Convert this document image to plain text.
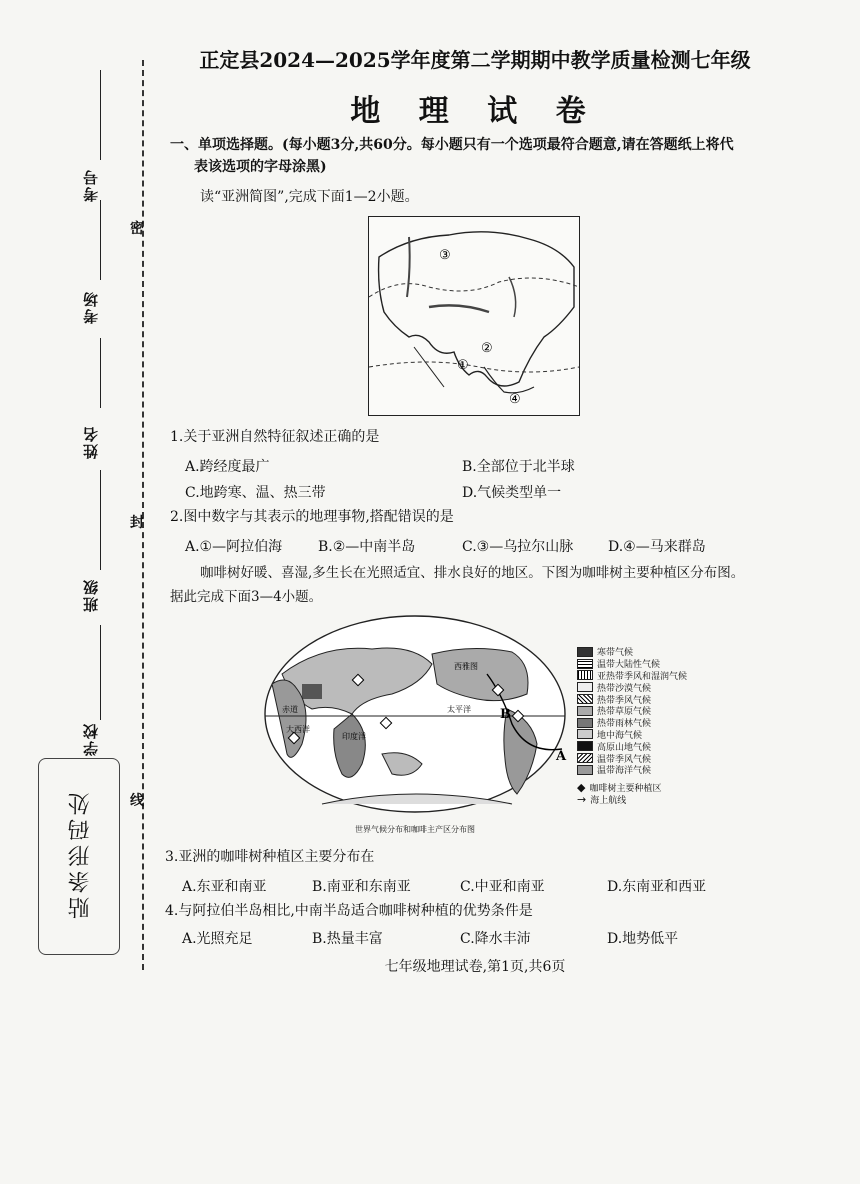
密
封
线
考号
考场
姓名
班级
学校
贴条形码处
正定县2024—2025学年度第二学期期中教学质量检测七年级
地 理 试 卷
一、单项选择题。(每小题3分,共60分。每小题只有一个选项最符合题意,请在答题纸上将代
表该选项的字母涂黑)
读“亚洲简图”,完成下面1—2小题。
③
②
①
④
1.关于亚洲自然特征叙述正确的是
A.跨经度最广	B.全部位于北半球
C.地跨寒、温、热三带	D.气候类型单一
2.图中数字与其表示的地理事物,搭配错误的是
A.①—阿拉伯海	B.②—中南半岛	C.③—乌拉尔山脉 D.④—马来群岛
咖啡树好暖、喜湿,多生长在光照适宜、排水良好的地区。下图为咖啡树主要种植区分布图。
据此完成下面3—4小题。
西雅图
太平洋
赤道
大西洋
印度洋
B
A
世界气候分布和咖啡主产区分布图
寒带气候
温带大陆性气候
亚热带季风和湿润气候
热带沙漠气候
热带季风气候
热带草原气候
热带雨林气候
地中海气候
高原山地气候
温带季风气候
温带海洋气候
◆ 咖啡树主要种植区
→ 海上航线
3.亚洲的咖啡树种植区主要分布在
A.东亚和南亚	B.南亚和东南亚	C.中亚和南亚	D.东南亚和西亚
4.与阿拉伯半岛相比,中南半岛适合咖啡树种植的优势条件是
A.光照充足	B.热量丰富	C.降水丰沛	D.地势低平
七年级地理试卷,第1页,共6页
